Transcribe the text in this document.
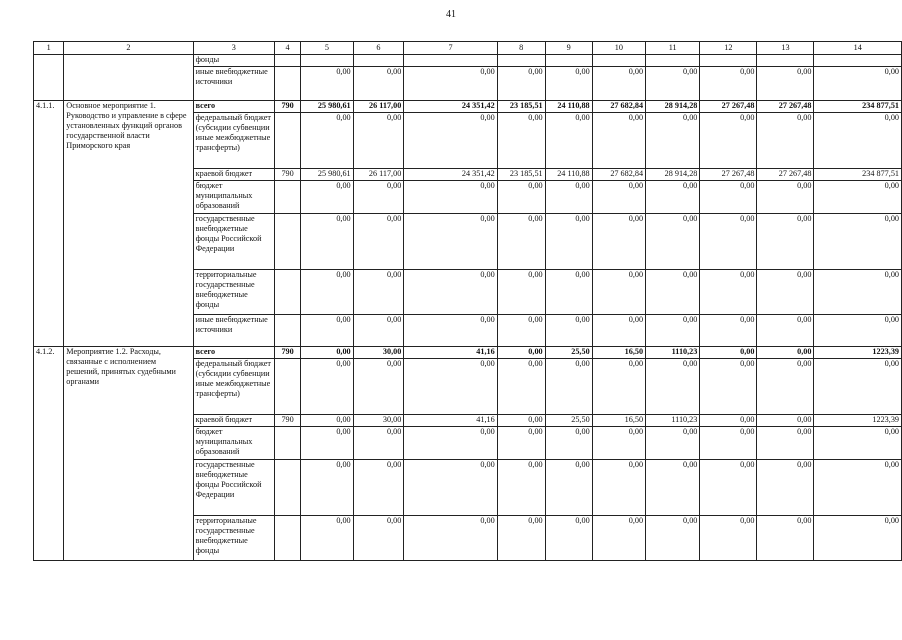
41
1	2	3	4	5	6	7	8	9	10	11	12	13	14
		фонды											
		иные внебюджетные источники		0,00	0,00	0,00	0,00	0,00	0,00	0,00	0,00	0,00	0,00
4.1.1.	Основное мероприятие 1. Руководство и управление в сфере установленных функций органов государственной власти Приморского края	всего	790	25 980,61	26 117,00	24 351,42	23 185,51	24 110,88	27 682,84	28 914,28	27 267,48	27 267,48	234 877,51
		федеральный бюджет (субсидии субвенции иные межбюджетные трансферты)		0,00	0,00	0,00	0,00	0,00	0,00	0,00	0,00	0,00	0,00
		краевой бюджет	790	25 980,61	26 117,00	24 351,42	23 185,51	24 110,88	27 682,84	28 914,28	27 267,48	27 267,48	234 877,51
		бюджет муниципальных образований		0,00	0,00	0,00	0,00	0,00	0,00	0,00	0,00	0,00	0,00
		государственные внебюджетные фонды Российской Федерации		0,00	0,00	0,00	0,00	0,00	0,00	0,00	0,00	0,00	0,00
		территориальные государственные внебюджетные фонды		0,00	0,00	0,00	0,00	0,00	0,00	0,00	0,00	0,00	0,00
		иные внебюджетные источники		0,00	0,00	0,00	0,00	0,00	0,00	0,00	0,00	0,00	0,00
4.1.2.	Мероприятие 1.2. Расходы, связанные с исполнением решений, принятых судебными органами	всего	790	0,00	30,00	41,16	0,00	25,50	16,50	1110,23	0,00	0,00	1223,39
		федеральный бюджет (субсидии субвенции иные межбюджетные трансферты)		0,00	0,00	0,00	0,00	0,00	0,00	0,00	0,00	0,00	0,00
		краевой бюджет	790	0,00	30,00	41,16	0,00	25,50	16,50	1110,23	0,00	0,00	1223,39
		бюджет муниципальных образований		0,00	0,00	0,00	0,00	0,00	0,00	0,00	0,00	0,00	0,00
		государственные внебюджетные фонды Российской Федерации		0,00	0,00	0,00	0,00	0,00	0,00	0,00	0,00	0,00	0,00
		территориальные государственные внебюджетные фонды		0,00	0,00	0,00	0,00	0,00	0,00	0,00	0,00	0,00	0,00
